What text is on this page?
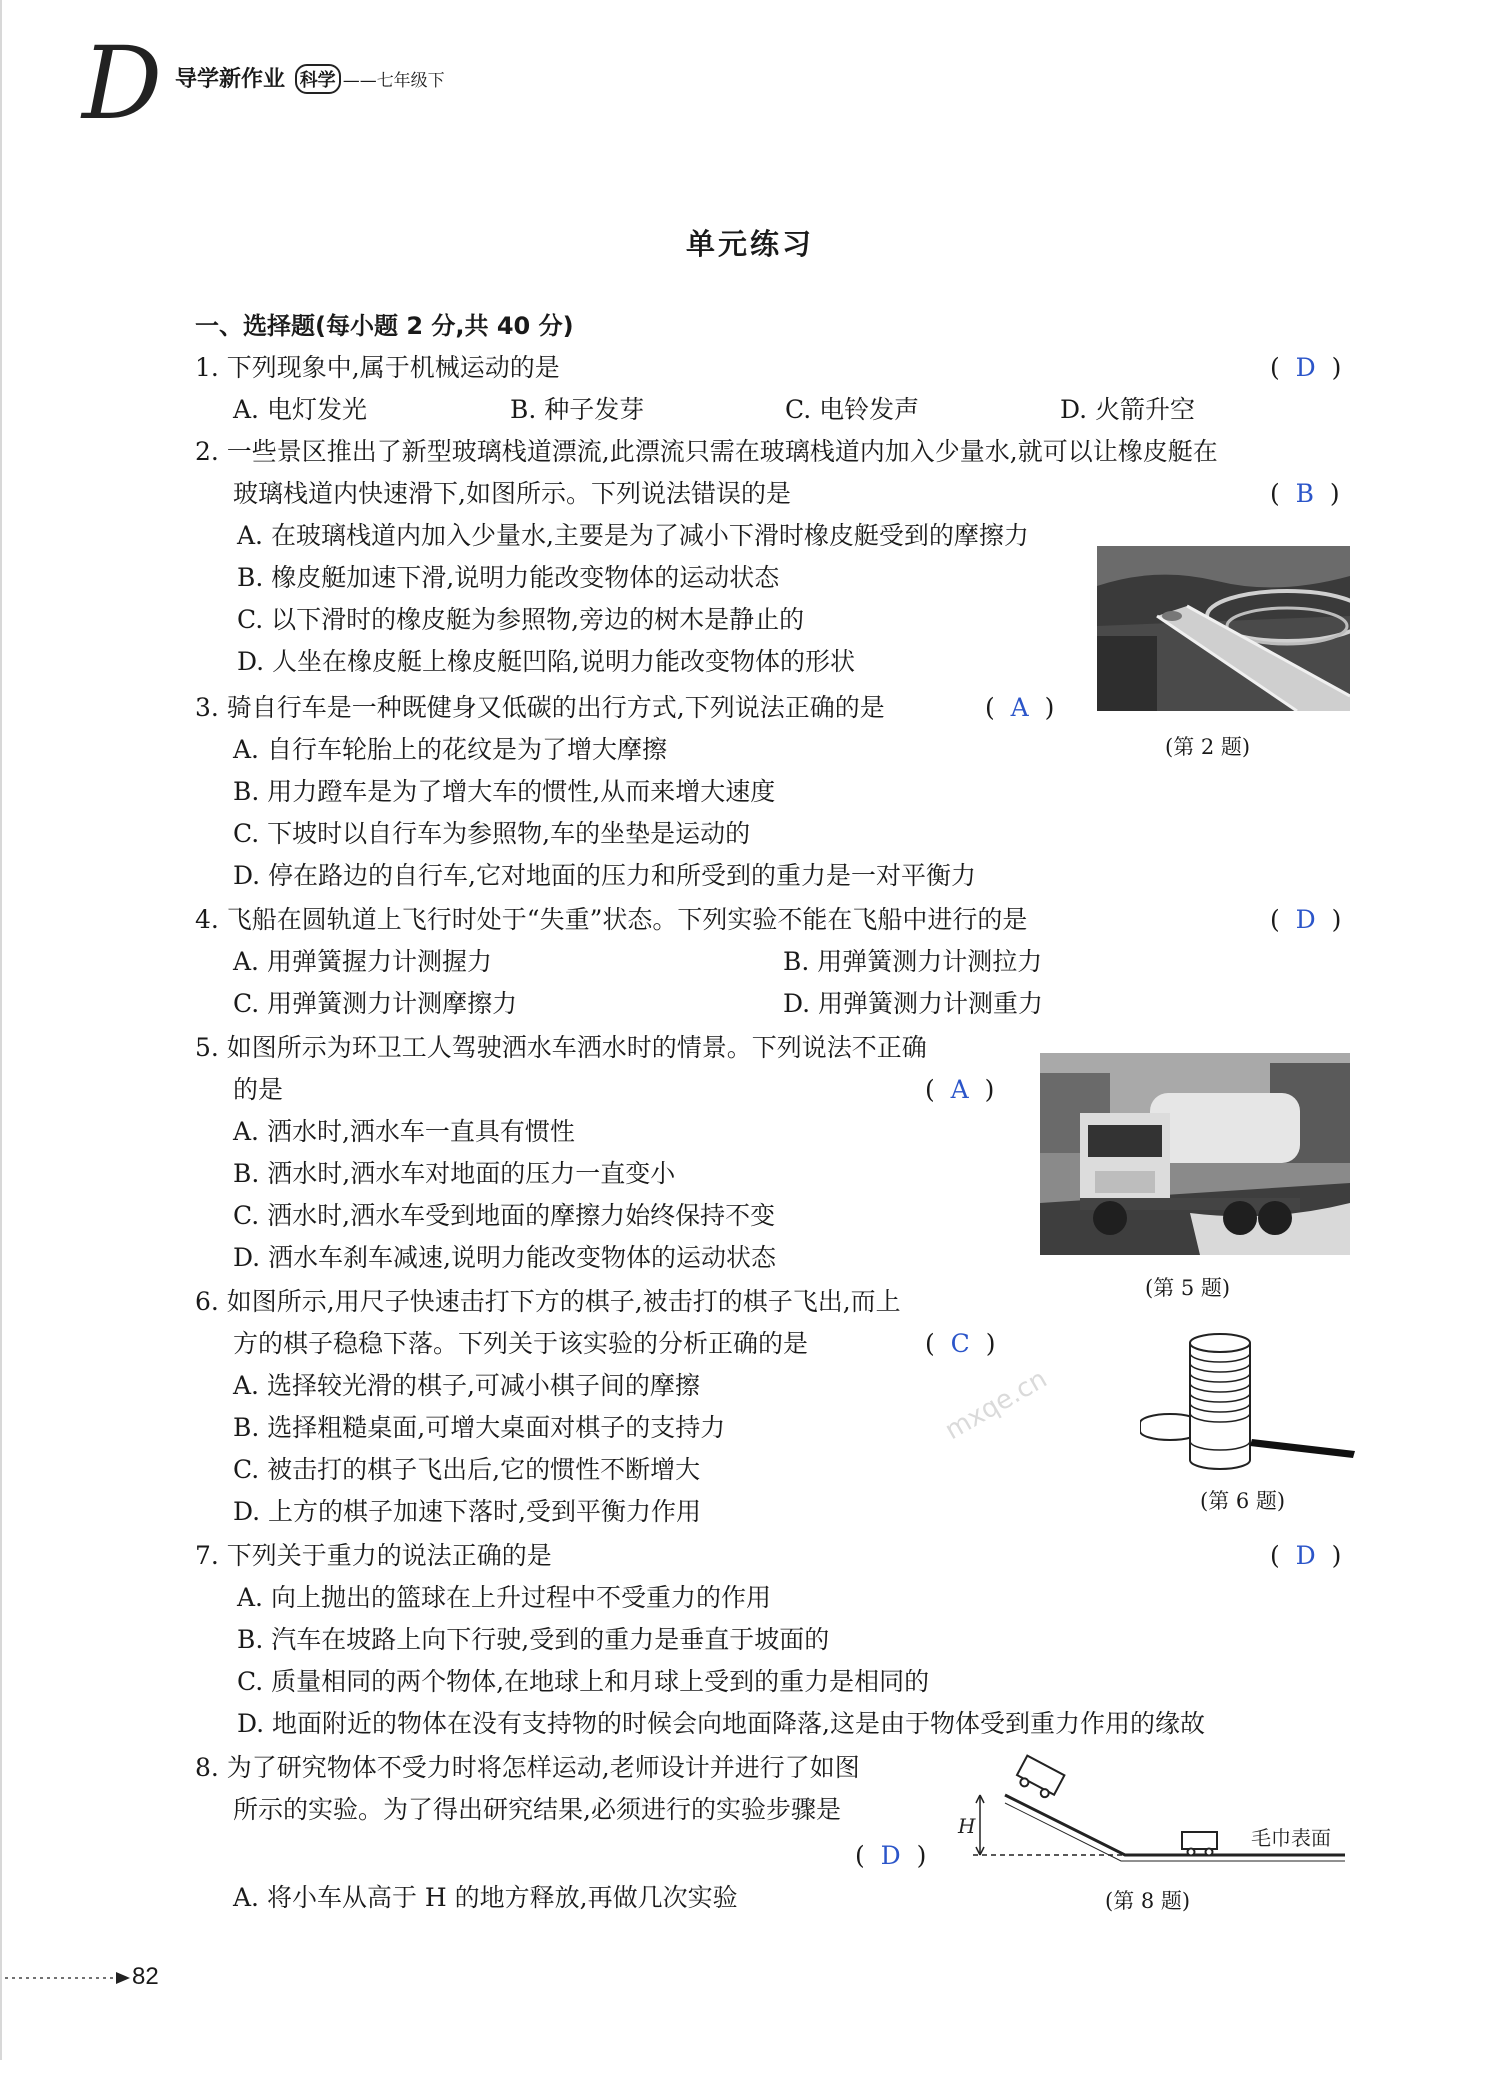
D 导学新作业 科学 ——七年级下
单元练习
一、选择题(每小题 2 分,共 40 分)
1. 下列现象中,属于机械运动的是	(  D  )
A. 电灯发光	B. 种子发芽	C. 电铃发声	D. 火箭升空
2. 一些景区推出了新型玻璃栈道漂流,此漂流只需在玻璃栈道内加入少量水,就可以让橡皮艇在
玻璃栈道内快速滑下,如图所示。下列说法错误的是	(  B  )
A. 在玻璃栈道内加入少量水,主要是为了减小下滑时橡皮艇受到的摩擦力
B. 橡皮艇加速下滑,说明力能改变物体的运动状态
C. 以下滑时的橡皮艇为参照物,旁边的树木是静止的
D. 人坐在橡皮艇上橡皮艇凹陷,说明力能改变物体的形状
(第 2 题)
3. 骑自行车是一种既健身又低碳的出行方式,下列说法正确的是	(  A  )
A. 自行车轮胎上的花纹是为了增大摩擦
B. 用力蹬车是为了增大车的惯性,从而来增大速度
C. 下坡时以自行车为参照物,车的坐垫是运动的
D. 停在路边的自行车,它对地面的压力和所受到的重力是一对平衡力
4. 飞船在圆轨道上飞行时处于“失重”状态。下列实验不能在飞船中进行的是	(  D  )
A. 用弹簧握力计测握力	B. 用弹簧测力计测拉力
C. 用弹簧测力计测摩擦力	D. 用弹簧测力计测重力
5. 如图所示为环卫工人驾驶洒水车洒水时的情景。下列说法不正确
的是	(  A  )
A. 洒水时,洒水车一直具有惯性
B. 洒水时,洒水车对地面的压力一直变小
C. 洒水时,洒水车受到地面的摩擦力始终保持不变
D. 洒水车刹车减速,说明力能改变物体的运动状态
(第 5 题)
6. 如图所示,用尺子快速击打下方的棋子,被击打的棋子飞出,而上
方的棋子稳稳下落。下列关于该实验的分析正确的是	(  C  )
A. 选择较光滑的棋子,可减小棋子间的摩擦
B. 选择粗糙桌面,可增大桌面对棋子的支持力
C. 被击打的棋子飞出后,它的惯性不断增大
D. 上方的棋子加速下落时,受到平衡力作用	(第 6 题)
mxqe.cn
7. 下列关于重力的说法正确的是	(  D  )
A. 向上抛出的篮球在上升过程中不受重力的作用
B. 汽车在坡路上向下行驶,受到的重力是垂直于坡面的
C. 质量相同的两个物体,在地球上和月球上受到的重力是相同的
D. 地面附近的物体在没有支持物的时候会向地面降落,这是由于物体受到重力作用的缘故
8. 为了研究物体不受力时将怎样运动,老师设计并进行了如图
所示的实验。为了得出研究结果,必须进行的实验步骤是
(  D  )
A. 将小车从高于 H 的地方释放,再做几次实验
H	毛巾表面
(第 8 题)
82
